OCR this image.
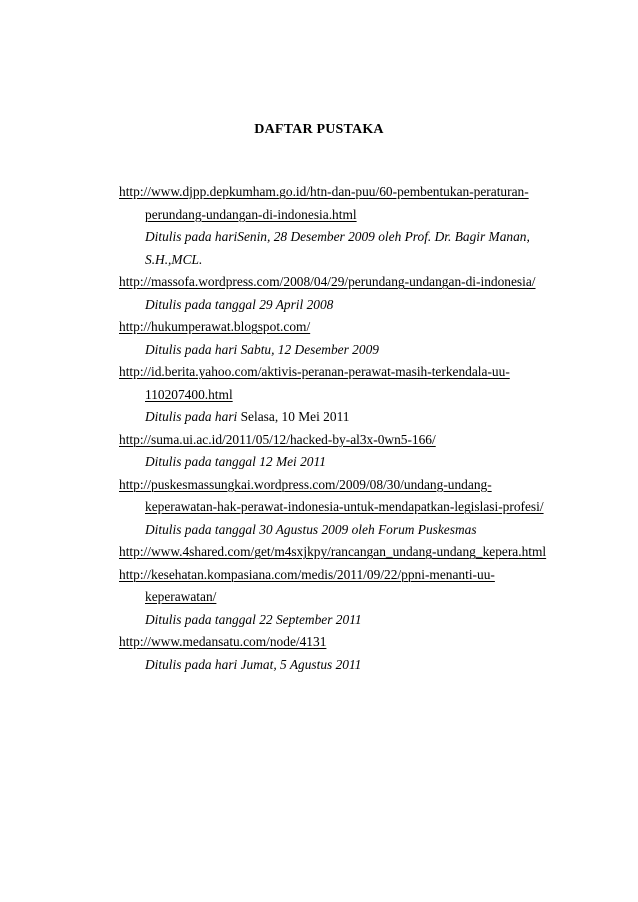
DAFTAR PUSTAKA
http://www.djpp.depkumham.go.id/htn-dan-puu/60-pembentukan-peraturan-
perundang-undangan-di-indonesia.html
Ditulis pada hariSenin, 28 Desember 2009 oleh Prof. Dr. Bagir Manan,
S.H.,MCL.
http://massofa.wordpress.com/2008/04/29/perundang-undangan-di-indonesia/
Ditulis pada tanggal 29 April 2008
http://hukumperawat.blogspot.com/
Ditulis pada hari Sabtu, 12 Desember 2009
http://id.berita.yahoo.com/aktivis-peranan-perawat-masih-terkendala-uu-
110207400.html
Ditulis pada hari Selasa, 10 Mei 2011
http://suma.ui.ac.id/2011/05/12/hacked-by-al3x-0wn5-166/
Ditulis pada tanggal 12 Mei 2011
http://puskesmassungkai.wordpress.com/2009/08/30/undang-undang-
keperawatan-hak-perawat-indonesia-untuk-mendapatkan-legislasi-profesi/
Ditulis pada tanggal 30 Agustus 2009 oleh Forum Puskesmas
http://www.4shared.com/get/m4sxjkpy/rancangan_undang-undang_kepera.html
http://kesehatan.kompasiana.com/medis/2011/09/22/ppni-menanti-uu-
keperawatan/
Ditulis pada tanggal 22 September 2011
http://www.medansatu.com/node/4131
Ditulis pada hari Jumat, 5 Agustus 2011
